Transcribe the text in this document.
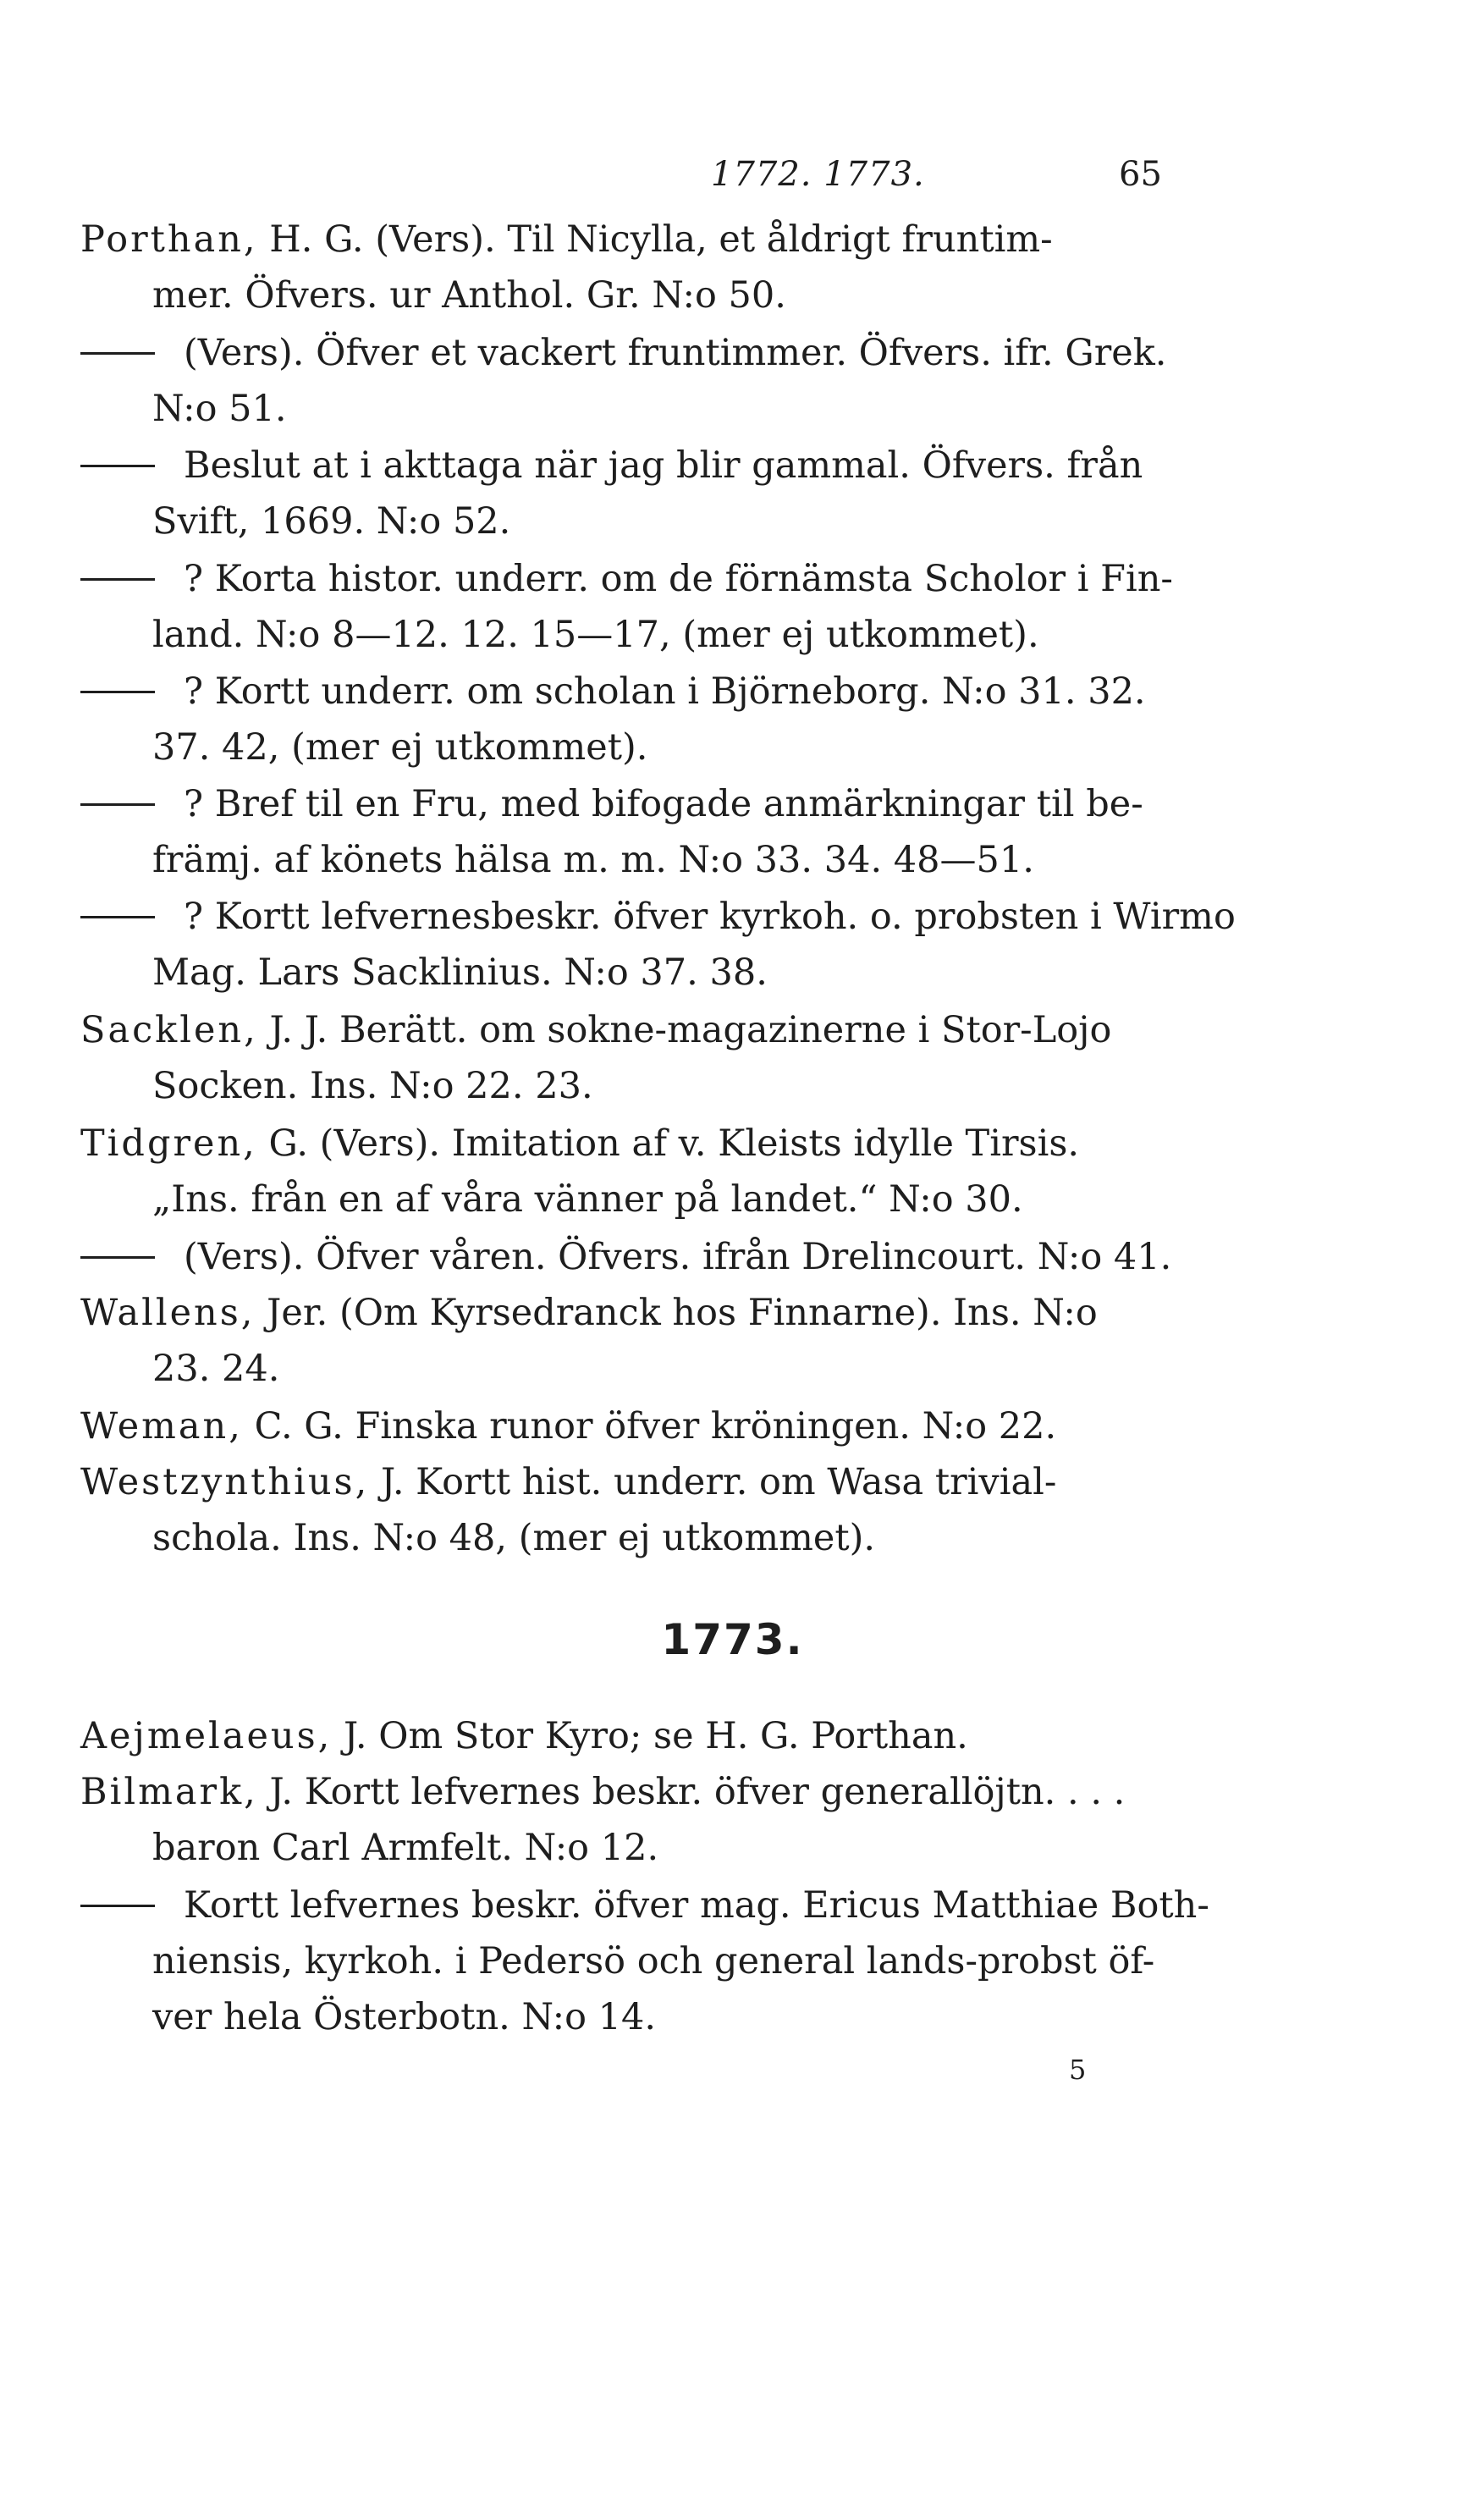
1772. 1773.	65
Porthan, H. G. (Vers). Til Nicylla, et åldrigt fruntim-
mer. Öfvers. ur Anthol. Gr. N:o 50.
(Vers). Öfver et vackert fruntimmer. Öfvers. ifr. Grek.
N:o 51.
Beslut at i akttaga när jag blir gammal. Öfvers. från
Svift, 1669. N:o 52.
? Korta histor. underr. om de förnämsta Scholor i Fin-
land. N:o 8—12. 12. 15—17, (mer ej utkommet).
? Kortt underr. om scholan i Björneborg. N:o 31. 32.
37. 42, (mer ej utkommet).
? Bref til en Fru, med bifogade anmärkningar til be-
främj. af könets hälsa m. m. N:o 33. 34. 48—51.
? Kortt lefvernesbeskr. öfver kyrkoh. o. probsten i Wirmo
Mag. Lars Sacklinius. N:o 37. 38.
Sacklen, J. J. Berätt. om sokne-magazinerne i Stor-Lojo
Socken. Ins. N:o 22. 23.
Tidgren, G. (Vers). Imitation af v. Kleists idylle Tirsis.
„Ins. från en af våra vänner på landet.“ N:o 30.
(Vers). Öfver våren. Öfvers. ifrån Drelincourt. N:o 41.
Wallens, Jer. (Om Kyrsedranck hos Finnarne). Ins. N:o
23. 24.
Weman, C. G. Finska runor öfver kröningen. N:o 22.
Westzynthius, J. Kortt hist. underr. om Wasa trivial-
schola. Ins. N:o 48, (mer ej utkommet).
1773.
Aejmelaeus, J. Om Stor Kyro; se H. G. Porthan.
Bilmark, J. Kortt lefvernes beskr. öfver generallöjtn. . . .
baron Carl Armfelt. N:o 12.
Kortt lefvernes beskr. öfver mag. Ericus Matthiae Both-
niensis, kyrkoh. i Pedersö och general lands-probst öf-
ver hela Österbotn. N:o 14.
5
